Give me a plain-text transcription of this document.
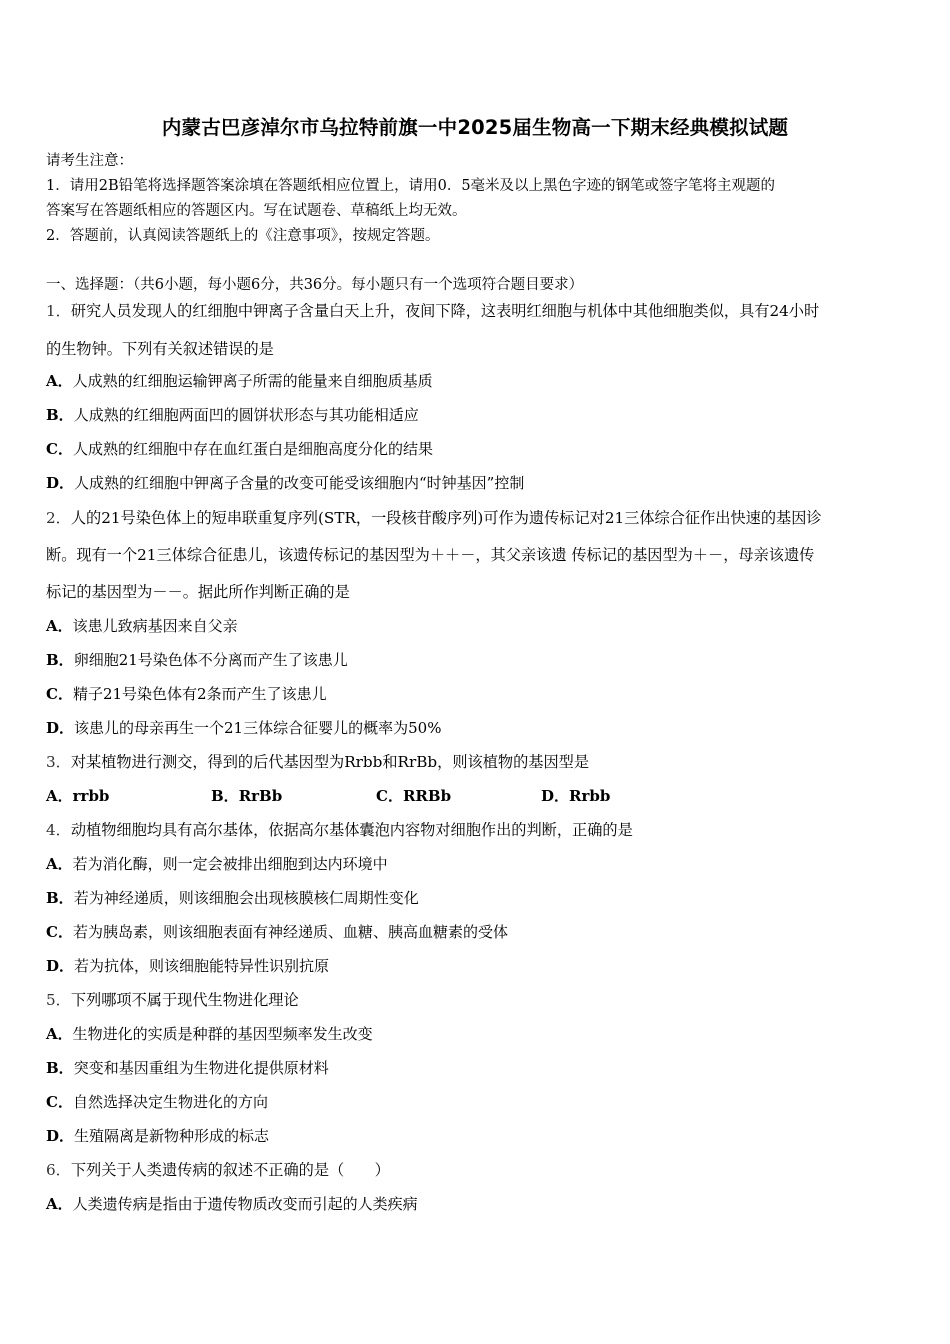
内蒙古巴彦淖尔市乌拉特前旗一中2025届生物高一下期末经典模拟试题
请考生注意：
1．请用2B铅笔将选择题答案涂填在答题纸相应位置上，请用0．5毫米及以上黑色字迹的钢笔或签字笔将主观题的
答案写在答题纸相应的答题区内。写在试题卷、草稿纸上均无效。
2．答题前，认真阅读答题纸上的《注意事项》，按规定答题。
一、选择题：（共6小题，每小题6分，共36分。每小题只有一个选项符合题目要求）
1．研究人员发现人的红细胞中钾离子含量白天上升，夜间下降，这表明红细胞与机体中其他细胞类似，具有24小时
的生物钟。下列有关叙述错误的是
A．人成熟的红细胞运输钾离子所需的能量来自细胞质基质
B．人成熟的红细胞两面凹的圆饼状形态与其功能相适应
C．人成熟的红细胞中存在血红蛋白是细胞高度分化的结果
D．人成熟的红细胞中钾离子含量的改变可能受该细胞内“时钟基因”控制
2．人的21号染色体上的短串联重复序列(STR，一段核苷酸序列)可作为遗传标记对21三体综合征作出快速的基因诊
断。现有一个21三体综合征患儿，该遗传标记的基因型为＋＋－，其父亲该遗 传标记的基因型为＋－，母亲该遗传
标记的基因型为－－。据此所作判断正确的是
A．该患儿致病基因来自父亲
B．卵细胞21号染色体不分离而产生了该患儿
C．精子21号染色体有2条而产生了该患儿
D．该患儿的母亲再生一个21三体综合征婴儿的概率为50%
3．对某植物进行测交，得到的后代基因型为Rrbb和RrBb，则该植物的基因型是
A．rrbb	B．RrBb	C．RRBb	D．Rrbb
4．动植物细胞均具有高尔基体，依据高尔基体囊泡内容物对细胞作出的判断，正确的是
A．若为消化酶，则一定会被排出细胞到达内环境中
B．若为神经递质，则该细胞会出现核膜核仁周期性变化
C．若为胰岛素，则该细胞表面有神经递质、血糖、胰高血糖素的受体
D．若为抗体，则该细胞能特异性识别抗原
5．下列哪项不属于现代生物进化理论
A．生物进化的实质是种群的基因型频率发生改变
B．突变和基因重组为生物进化提供原材料
C．自然选择决定生物进化的方向
D．生殖隔离是新物种形成的标志
6．下列关于人类遗传病的叙述不正确的是（　　）
A．人类遗传病是指由于遗传物质改变而引起的人类疾病
